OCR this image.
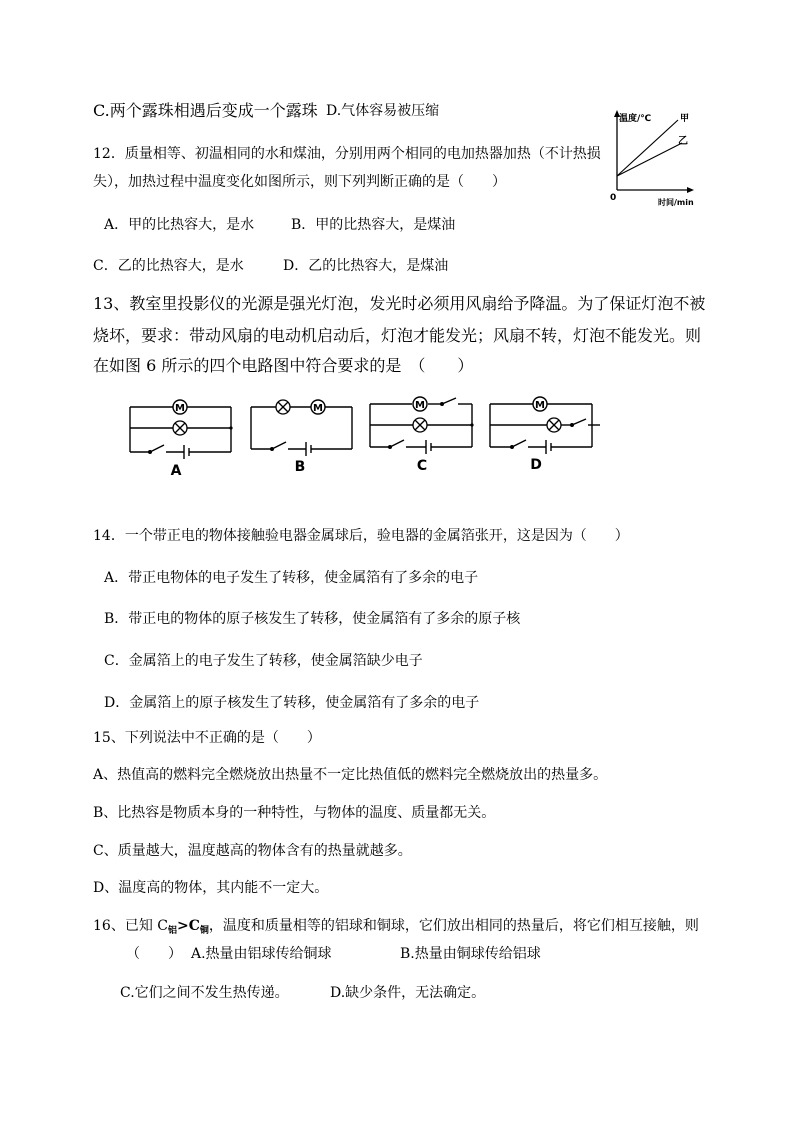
C.两个露珠相遇后变成一个露珠 D.气体容易被压缩	温度/℃	甲
乙
0	时间/min
12．质量相等、初温相同的水和煤油，分别用两个相同的电加热器加热（不计热损
失），加热过程中温度变化如图所示，则下列判断正确的是（　　）
A．甲的比热容大，是水	B．甲的比热容大，是煤油
C．乙的比热容大，是水	D．乙的比热容大，是煤油
13、教室里投影仪的光源是强光灯泡，发光时必须用风扇给予降温。为了保证灯泡不被
烧坏，要求：带动风扇的电动机启动后，灯泡才能发光；风扇不转，灯泡不能发光。则
在如图 6 所示的四个电路图中符合要求的是　（　　）
M	M	M	M
A	B	C	D
14．一个带正电的物体接触验电器金属球后，验电器的金属箔张开，这是因为（　　）
A．带正电物体的电子发生了转移，使金属箔有了多余的电子
B．带正电的物体的原子核发生了转移，使金属箔有了多余的原子核
C．金属箔上的电子发生了转移，使金属箔缺少电子
D．金属箔上的原子核发生了转移，使金属箔有了多余的电子
15、下列说法中不正确的是（　　）
A、热值高的燃料完全燃烧放出热量不一定比热值低的燃料完全燃烧放出的热量多。
B、比热容是物质本身的一种特性，与物体的温度、质量都无关。
C、质量越大，温度越高的物体含有的热量就越多。
D、温度高的物体，其内能不一定大。
16、已知 $C_铝>C_铜$，温度和质量相等的铝球和铜球，它们放出相同的热量后，将它们相互接触，则
（　　） A.热量由铝球传给铜球	B.热量由铜球传给铝球
C.它们之间不发生热传递。	D.缺少条件，无法确定。
